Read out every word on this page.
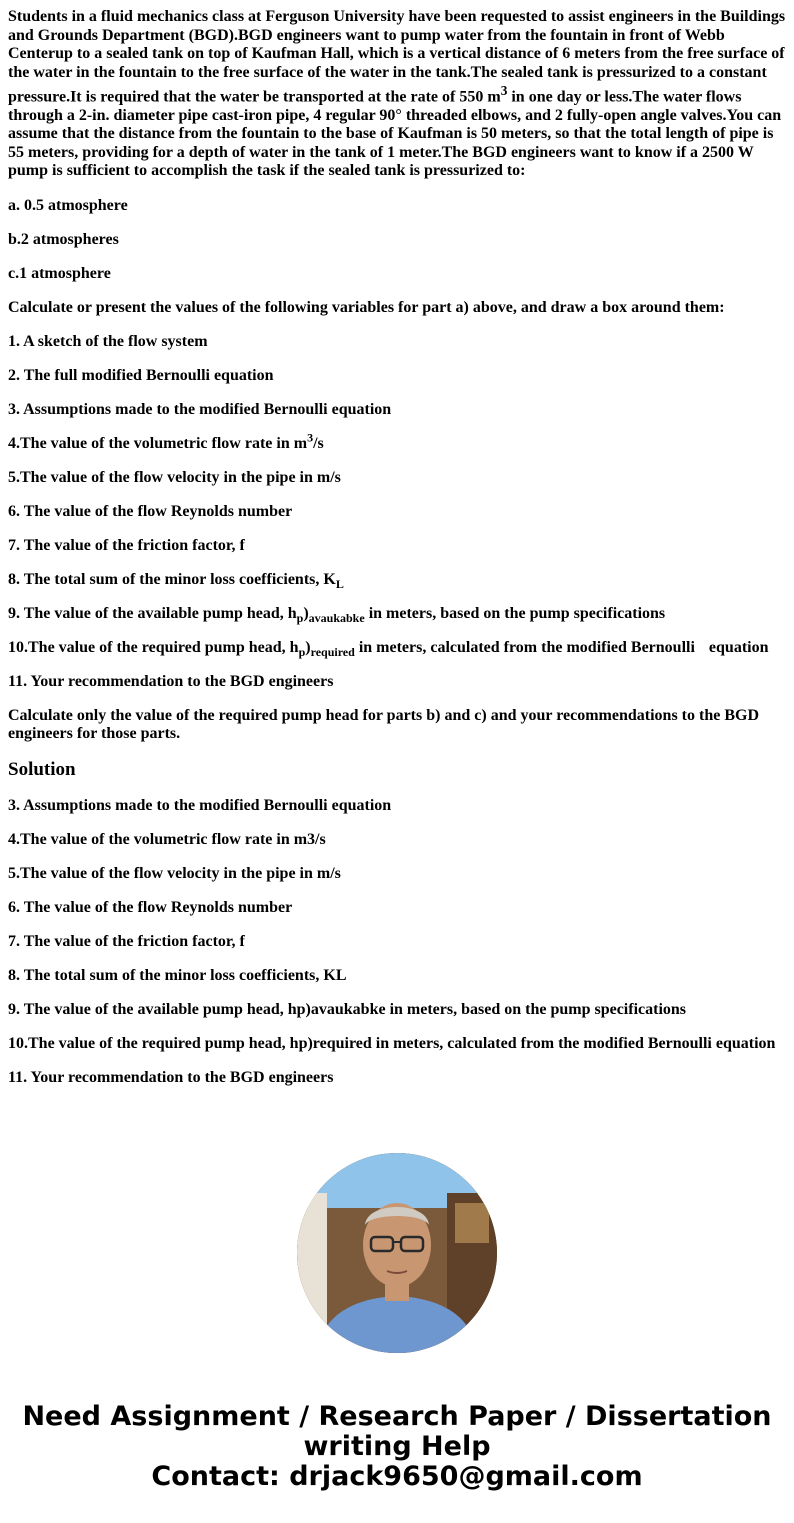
Students in a fluid mechanics class at Ferguson University have been requested to assist engineers in the Buildings and Grounds Department (BGD).BGD engineers want to pump water from the fountain in front of Webb Centerup to a sealed tank on top of Kaufman Hall, which is a vertical distance of 6 meters from the free surface of the water in the fountain to the free surface of the water in the tank.The sealed tank is pressurized to a constant pressure.It is required that the water be transported at the rate of 550 $m^3$ in one day or less.The water flows through a 2-in. diameter pipe cast-iron pipe, 4 regular 90° threaded elbows, and 2 fully-open angle valves.You can assume that the distance from the fountain to the base of Kaufman is 50 meters, so that the total length of pipe is 55 meters, providing for a depth of water in the tank of 1 meter.The BGD engineers want to know if a 2500 W pump is sufficient to accomplish the task if the sealed tank is pressurized to:

a. 0.5 atmosphere

b.2 atmospheres

c.1 atmosphere

Calculate or present the values of the following variables for part a) above, and draw a box around them:

1. A sketch of the flow system

2. The full modified Bernoulli equation

3. Assumptions made to the modified Bernoulli equation

4.The value of the volumetric flow rate in $m^3/s$

5.The value of the flow velocity in the pipe in m/s

6. The value of the flow Reynolds number

7. The value of the friction factor, f

8. The total sum of the minor loss coefficients, $K_L$

9. The value of the available pump head, $h_p)_{avaukabke}$ in meters, based on the pump specifications

10.The value of the required pump head, $h_p)_{required}$ in meters, calculated from the modified Bernoulli equation

11. Your recommendation to the BGD engineers

Calculate only the value of the required pump head for parts b) and c) and your recommendations to the BGD engineers for those parts.

Solution

3. Assumptions made to the modified Bernoulli equation

4.The value of the volumetric flow rate in m3/s

5.The value of the flow velocity in the pipe in m/s

6. The value of the flow Reynolds number

7. The value of the friction factor, f

8. The total sum of the minor loss coefficients, KL

9. The value of the available pump head, hp)avaukabke in meters, based on the pump specifications

10.The value of the required pump head, hp)required in meters, calculated from the modified Bernoulli equation

11. Your recommendation to the BGD engineers

Need Assignment / Research Paper / Dissertation
writing Help
Contact: drjack9650@gmail.com
